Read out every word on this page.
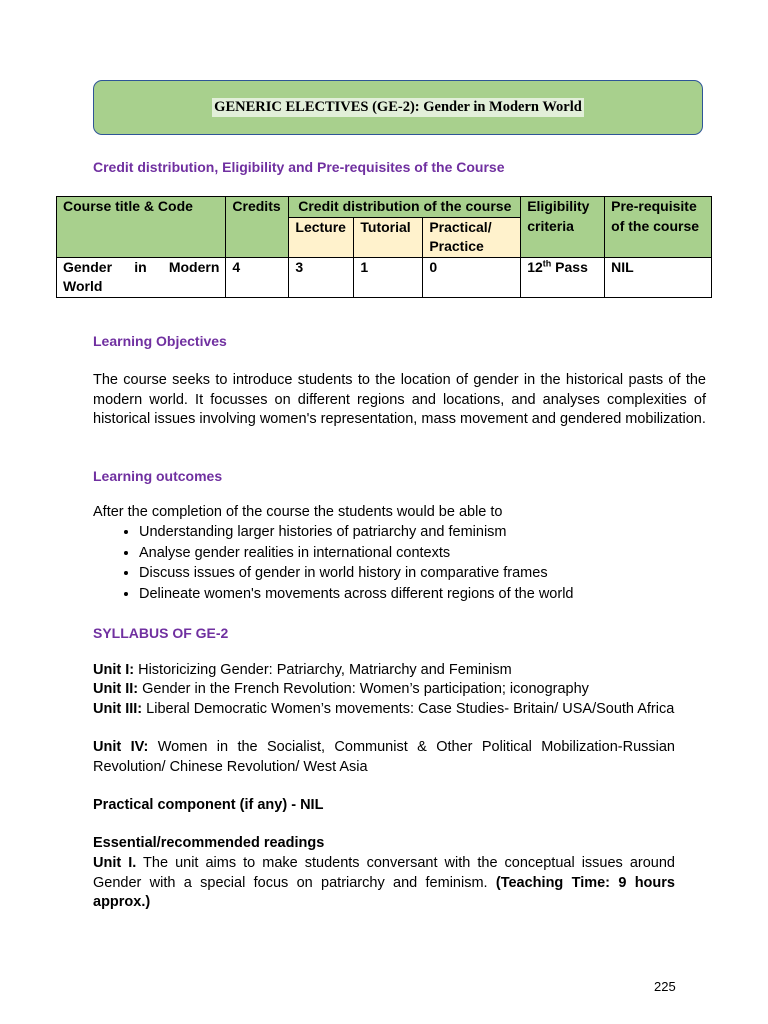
GENERIC ELECTIVES (GE-2): Gender in Modern World
Credit distribution, Eligibility and Pre-requisites of the Course
Course title & Code	Credits	Credit distribution of the course			Eligibility criteria	Pre-requisite of the course
		Lecture	Tutorial	Practical/ Practice		

Gender in Modern
World	4	3	1	0	12th Pass	NIL
Learning Objectives
The course seeks to introduce students to the location of gender in the historical pasts of the modern world. It focusses on different regions and locations, and analyses complexities of historical issues involving women's representation, mass movement and gendered mobilization.
Learning outcomes
After the completion of the course the students would be able to
• Understanding larger histories of patriarchy and feminism
• Analyse gender realities in international contexts
• Discuss issues of gender in world history in comparative frames
• Delineate women's movements across different regions of the world
SYLLABUS OF GE-2
Unit I: Historicizing Gender: Patriarchy, Matriarchy and Feminism
Unit II: Gender in the French Revolution: Women’s participation; iconography
Unit III: Liberal Democratic Women’s movements: Case Studies- Britain/ USA/South Africa
Unit IV: Women in the Socialist, Communist & Other Political Mobilization-Russian Revolution/ Chinese Revolution/ West Asia
Practical component (if any) - NIL
Essential/recommended readings
Unit I. The unit aims to make students conversant with the conceptual issues around Gender with a special focus on patriarchy and feminism. (Teaching Time: 9 hours approx.)
225
